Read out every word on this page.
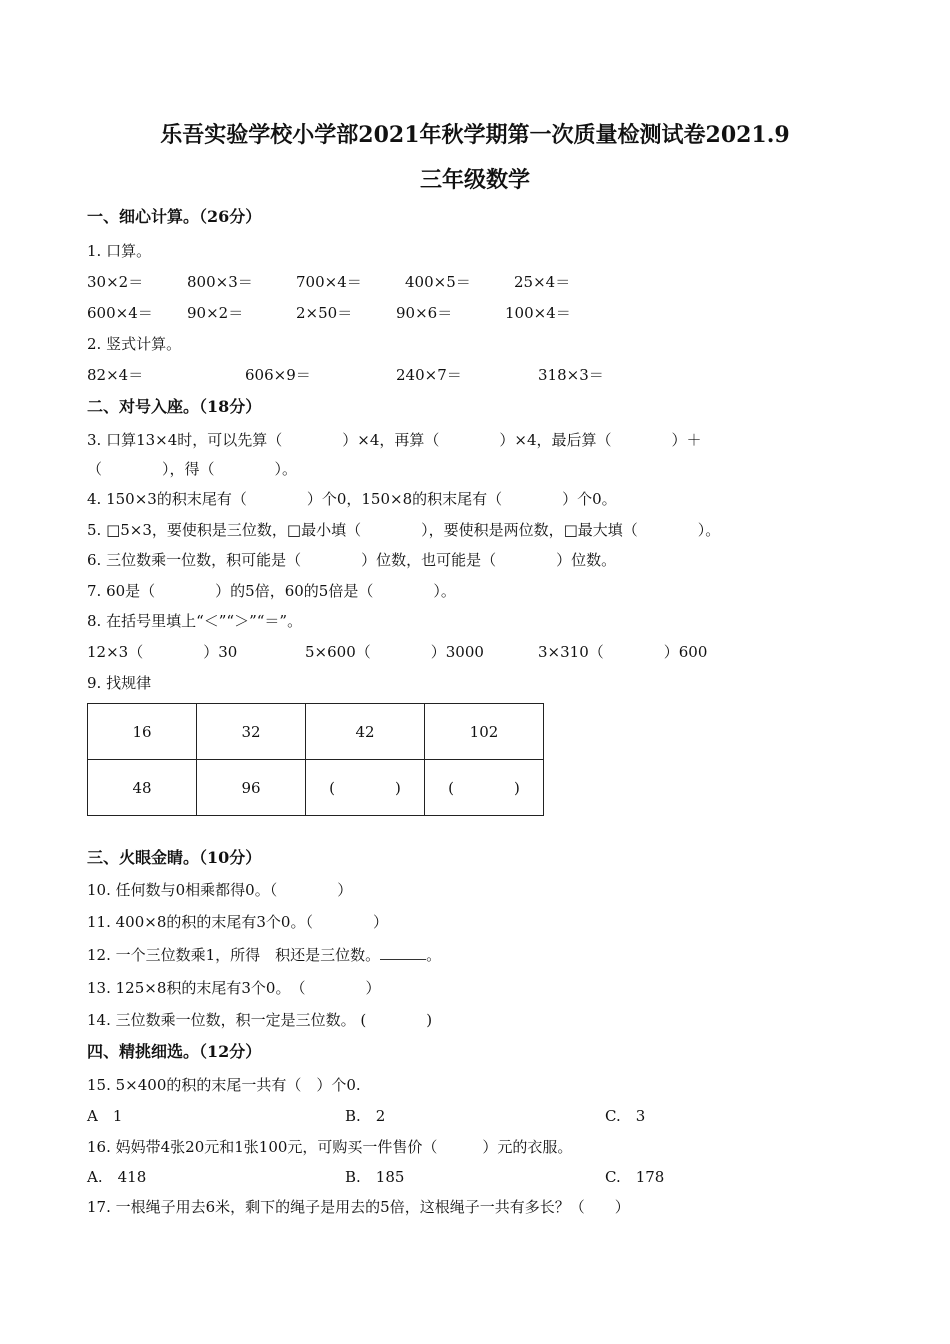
乐吾实验学校小学部2021年秋学期第一次质量检测试卷2021.9
三年级数学
一、细心计算。（26分）
1. 口算。
30×2＝	800×3＝	700×4＝	400×5＝	25×4＝
600×4＝ 90×2＝	2×50＝	90×6＝	100×4＝
2. 竖式计算。
82×4＝	606×9＝	240×7＝	318×3＝
二、对号入座。（18分）
3. 口算13×4时，可以先算（　　　　）×4，再算（　　　　）×4，最后算（　　　　）＋
（　　　　），得（　　　　）。
4. 150×3的积末尾有（　　　　）个0，150×8的积末尾有（　　　　）个0。
5. □5×3，要使积是三位数，□最小填（　　　　），要使积是两位数，□最大填（　　　　）。
6. 三位数乘一位数，积可能是（　　　　）位数，也可能是（　　　　）位数。
7. 60是（　　　　）的5倍，60的5倍是（　　　　）。
8. 在括号里填上“＜”“＞”“＝”。
12×3（　　　　）30	5×600（　　　　）3000	3×310（　　　　）600
9. 找规律
16	32	42	102
48	96	(　　　　)	(　　　　)
三、火眼金睛。（10分）
10. 任何数与0相乘都得0。（　　　　）
11. 400×8的积的末尾有3个0。（　　　　）
12. 一个三位数乘1，所得　积还是三位数。	。
13. 125×8积的末尾有3个0。　（　　　　）
14. 三位数乘一位数，积一定是三位数。 (　　　　)
四、精挑细选。（12分）
15. 5×400的积的末尾一共有（　）个0.
A　1	B.　2	C.　3
16. 妈妈带4张20元和1张100元，可购买一件售价（　　　）元的衣服。
A.　418	B.　185	C.　178
17. 一根绳子用去6米，剩下的绳子是用去的5倍，这根绳子一共有多长？（　　）
